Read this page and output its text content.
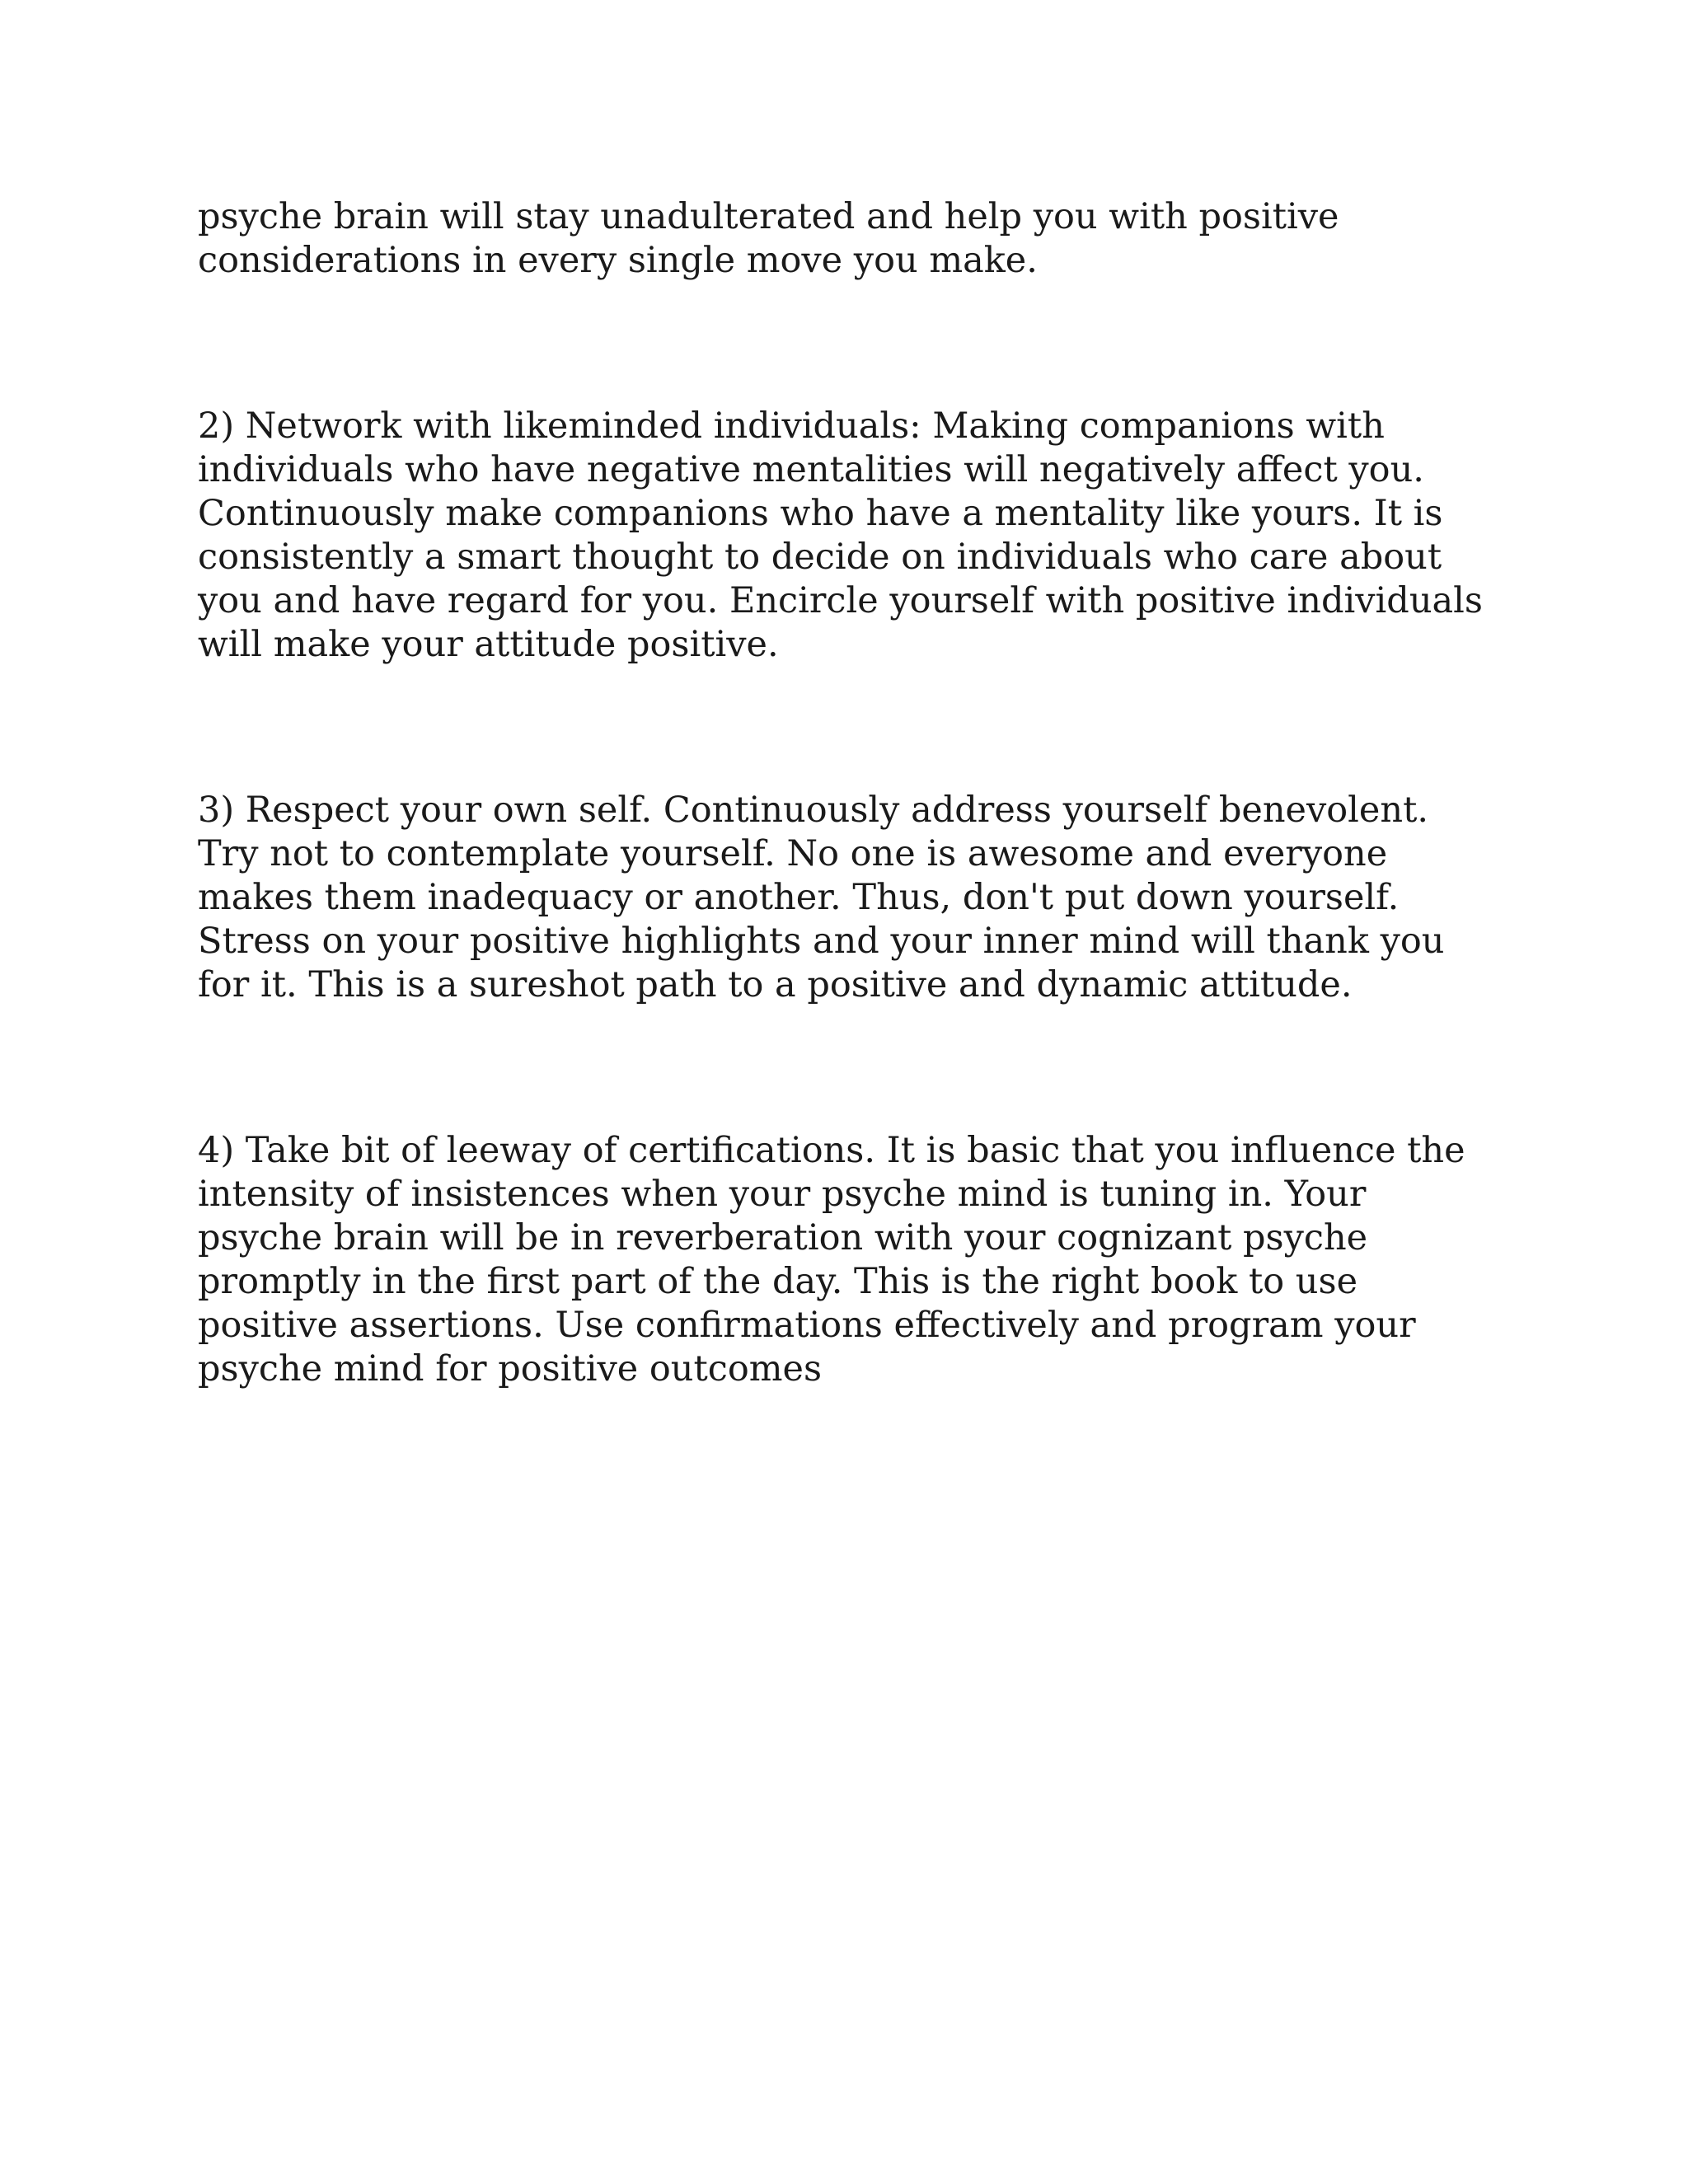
psyche brain will stay unadulterated and help you with positive considerations in every single move you make.

2) Network with likeminded individuals: Making companions with individuals who have negative mentalities will negatively affect you. Continuously make companions who have a mentality like yours. It is consistently a smart thought to decide on individuals who care about you and have regard for you. Encircle yourself with positive individuals will make your attitude positive.

3) Respect your own self. Continuously address yourself benevolent. Try not to contemplate yourself. No one is awesome and everyone makes them inadequacy or another. Thus, don't put down yourself. Stress on your positive highlights and your inner mind will thank you for it. This is a sureshot path to a positive and dynamic attitude.

4) Take bit of leeway of certifications. It is basic that you influence the intensity of insistences when your psyche mind is tuning in. Your psyche brain will be in reverberation with your cognizant psyche promptly in the first part of the day. This is the right book to use positive assertions. Use confirmations effectively and program your psyche mind for positive outcomes
